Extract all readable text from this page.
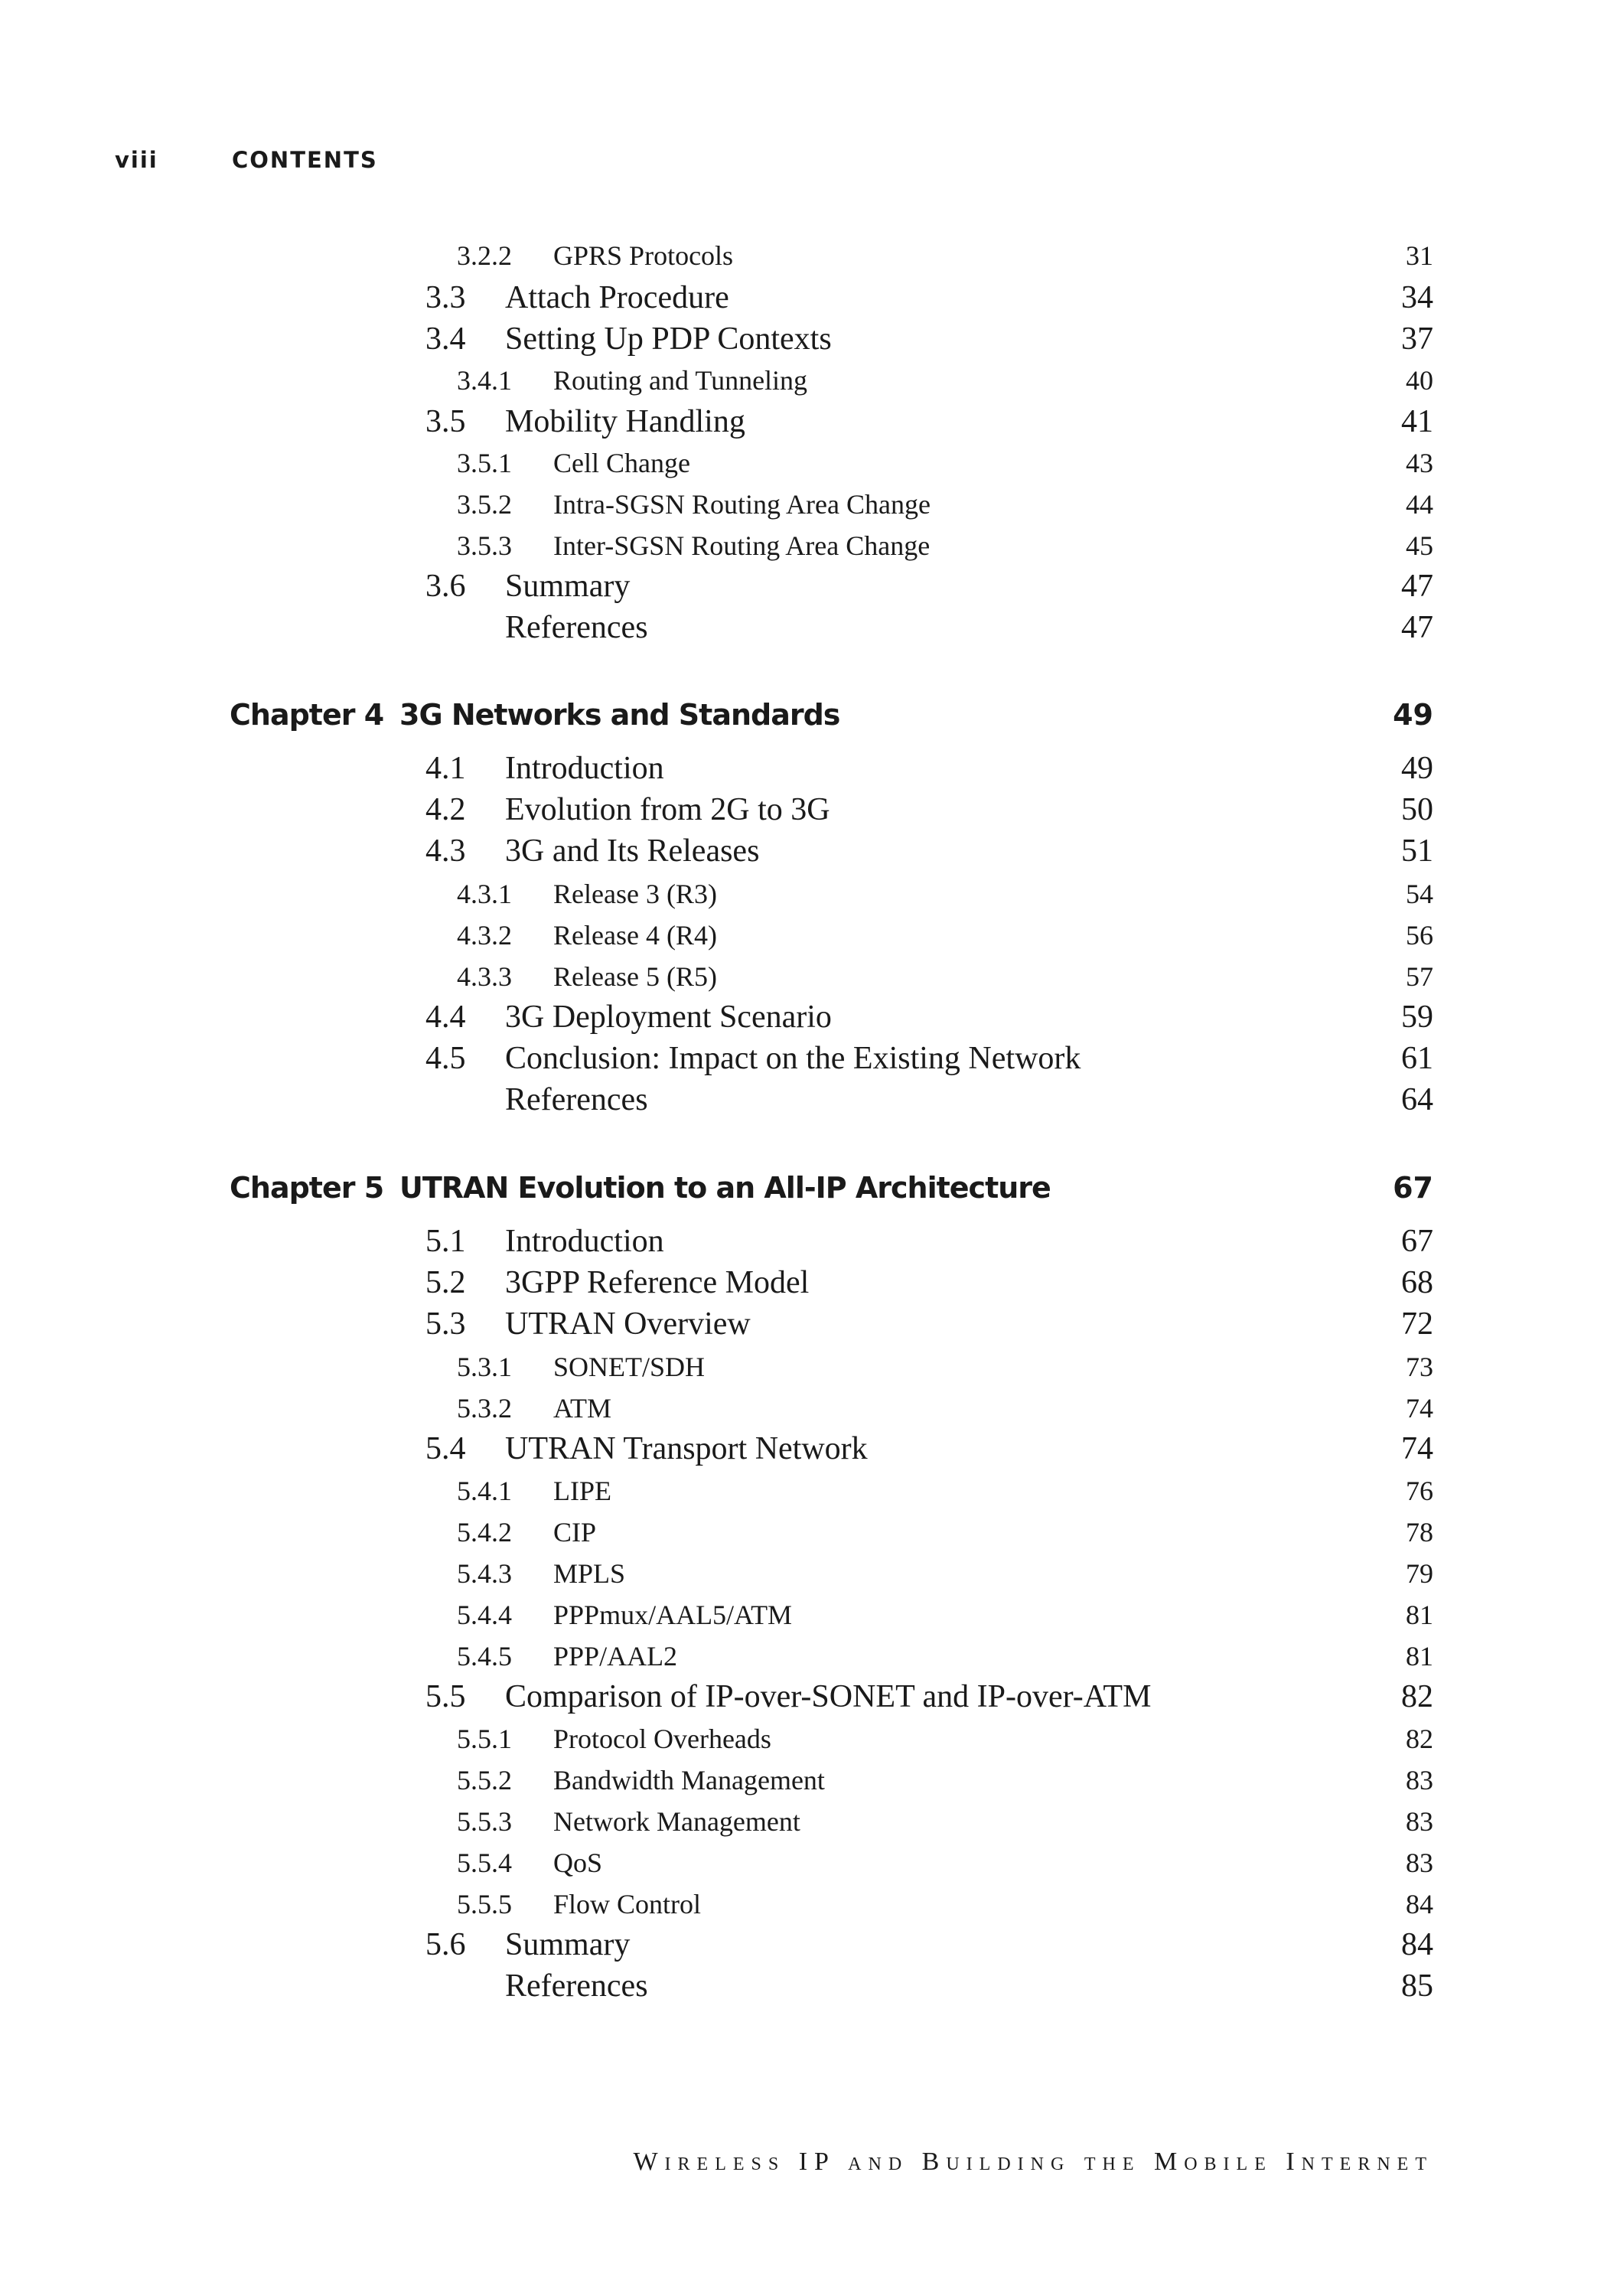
viii	CONTENTS
3.2.2 GPRS Protocols	31
3.3 Attach Procedure	34
3.4 Setting Up PDP Contexts	37
3.4.1 Routing and Tunneling	40
3.5 Mobility Handling	41
3.5.1 Cell Change	43
3.5.2 Intra-SGSN Routing Area Change	44
3.5.3 Inter-SGSN Routing Area Change	45
3.6 Summary	47
References	47
Chapter 4 3G Networks and Standards	49
4.1 Introduction	49
4.2 Evolution from 2G to 3G	50
4.3 3G and Its Releases	51
4.3.1 Release 3 (R3)	54
4.3.2 Release 4 (R4)	56
4.3.3 Release 5 (R5)	57
4.4 3G Deployment Scenario	59
4.5 Conclusion: Impact on the Existing Network	61
References	64
Chapter 5 UTRAN Evolution to an All-IP Architecture	67
5.1 Introduction	67
5.2 3GPP Reference Model	68
5.3 UTRAN Overview	72
5.3.1 SONET/SDH	73
5.3.2 ATM	74
5.4 UTRAN Transport Network	74
5.4.1 LIPE	76
5.4.2 CIP	78
5.4.3 MPLS	79
5.4.4 PPPmux/AAL5/ATM	81
5.4.5 PPP/AAL2	81
5.5 Comparison of IP-over-SONET and IP-over-ATM	82
5.5.1 Protocol Overheads	82
5.5.2 Bandwidth Management	83
5.5.3 Network Management	83
5.5.4 QoS	83
5.5.5 Flow Control	84
5.6 Summary	84
References	85
Wireless IP and Building the Mobile Internet
